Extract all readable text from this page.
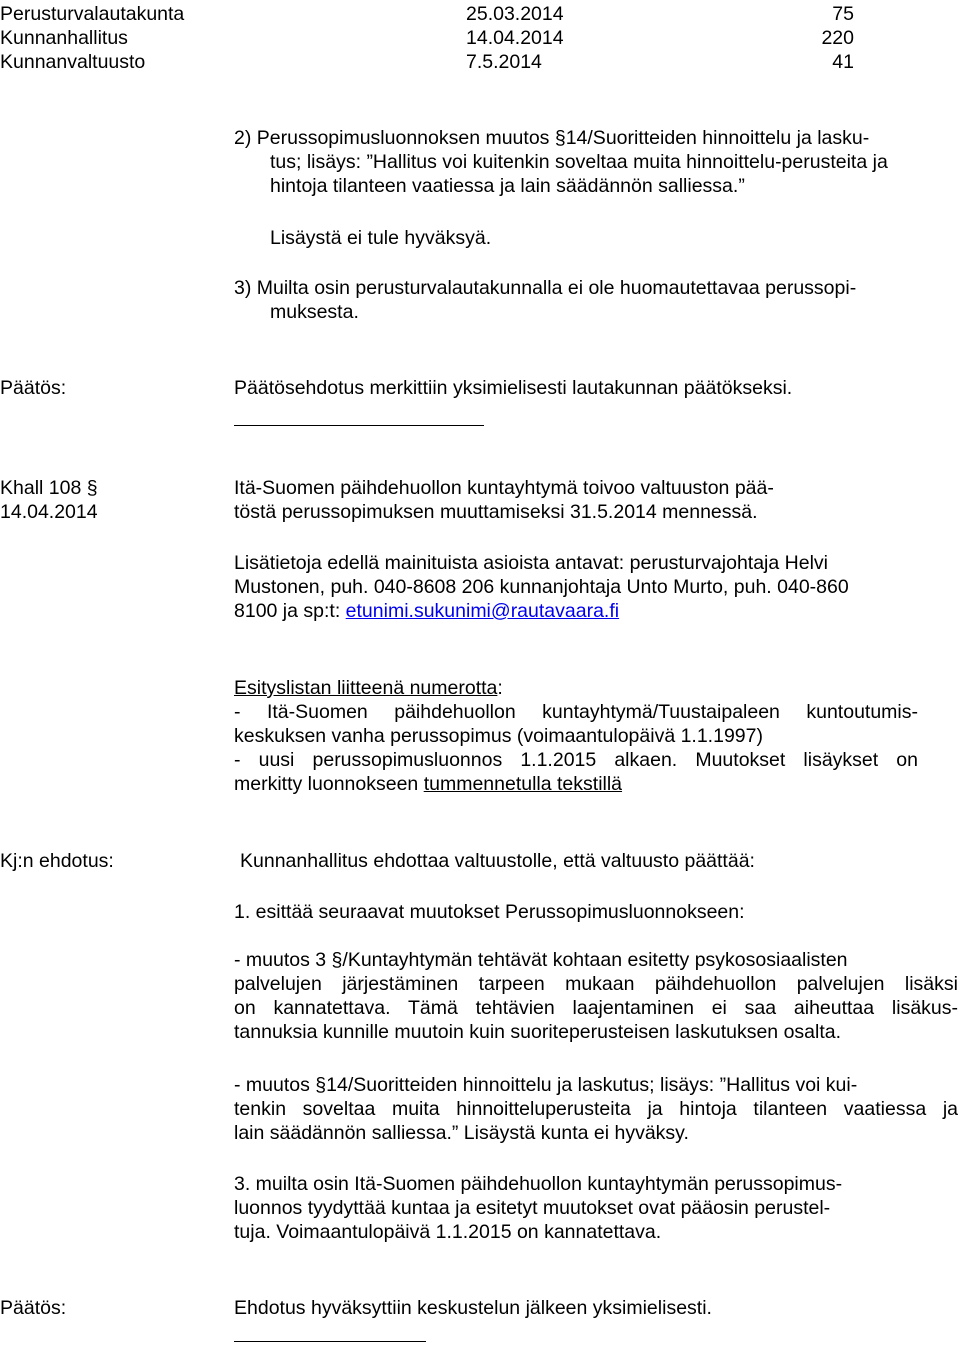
Perusturvalautakunta	25.03.2014	75
Kunnanhallitus	14.04.2014	220
Kunnanvaltuusto	7.5.2014	41
2) Perussopimusluonnoksen muutos §14/Suoritteiden hinnoittelu ja lasku-
tus; lisäys: ”Hallitus voi kuitenkin soveltaa muita hinnoittelu-perusteita ja
hintoja tilanteen vaatiessa ja lain säädännön salliessa.”
Lisäystä ei tule hyväksyä.
3) Muilta osin perusturvalautakunnalla ei ole huomautettavaa perussopi-
muksesta.
Päätös:	Päätösehdotus merkittiin yksimielisesti lautakunnan päätökseksi.
Khall 108 §
14.04.2014
Itä-Suomen päihdehuollon kuntayhtymä toivoo valtuuston pää-
töstä perussopimuksen muuttamiseksi 31.5.2014 mennessä.
Lisätietoja edellä mainituista asioista antavat: perusturvajohtaja Helvi
Mustonen, puh. 040-8608 206 kunnanjohtaja Unto Murto, puh. 040-860
8100 ja sp:t: etunimi.sukunimi@rautavaara.fi
Esityslistan liitteenä numerotta:
- Itä-Suomen päihdehuollon kuntayhtymä/Tuustaipaleen kuntoutumis-
keskuksen vanha perussopimus (voimaantulopäivä 1.1.1997)
- uusi perussopimusluonnos 1.1.2015 alkaen. Muutokset lisäykset on
merkitty luonnokseen tummennetulla tekstillä
Kj:n ehdotus:	Kunnanhallitus ehdottaa valtuustolle, että valtuusto päättää:
1. esittää seuraavat muutokset Perussopimusluonnokseen:
- muutos 3 §/Kuntayhtymän tehtävät kohtaan esitetty psykososiaalisten
palvelujen järjestäminen tarpeen mukaan päihdehuollon palvelujen lisäksi
on kannatettava. Tämä tehtävien laajentaminen ei saa aiheuttaa lisäkus-
tannuksia kunnille muutoin kuin suoriteperusteisen laskutuksen osalta.
- muutos §14/Suoritteiden hinnoittelu ja laskutus; lisäys: ”Hallitus voi kui-
tenkin soveltaa muita hinnoitteluperusteita ja hintoja tilanteen vaatiessa ja
lain säädännön salliessa.” Lisäystä kunta ei hyväksy.
3. muilta osin Itä-Suomen päihdehuollon kuntayhtymän perussopimus-
luonnos tyydyttää kuntaa ja esitetyt muutokset ovat pääosin perustel-
tuja. Voimaantulopäivä 1.1.2015 on kannatettava.
Päätös:	Ehdotus hyväksyttiin keskustelun jälkeen yksimielisesti.
